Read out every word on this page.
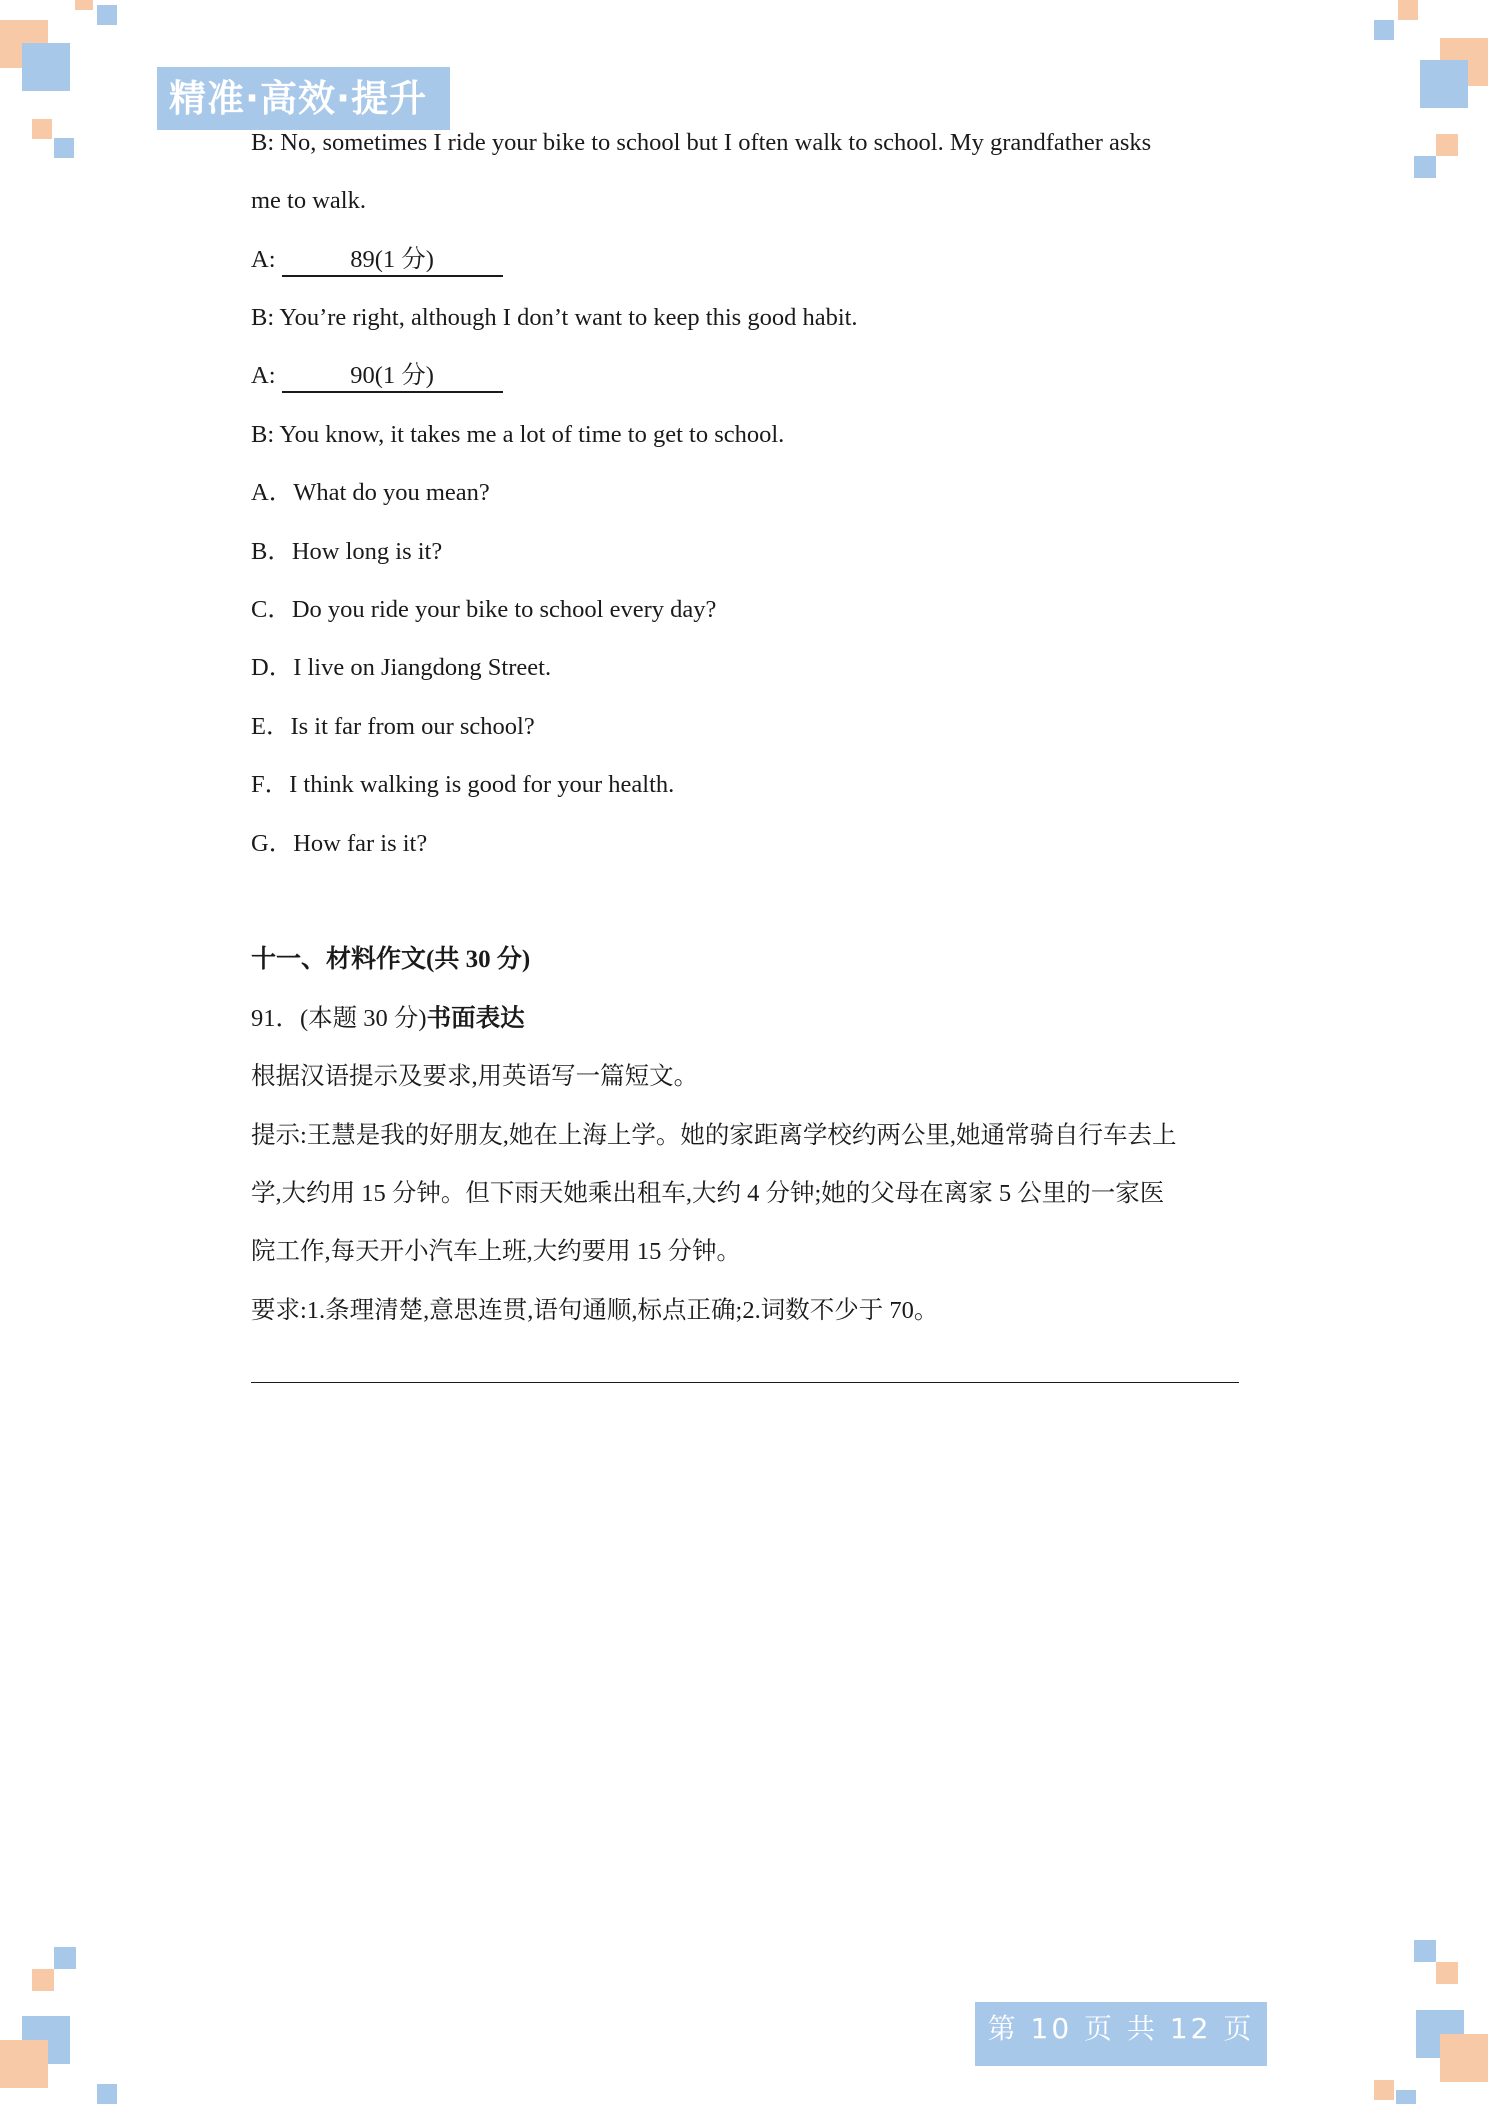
精准·高效·提升
B: No, sometimes I ride your bike to school but I often walk to school. My grandfather asks
me to walk.
A:	89(1 分)
B: You’re right, although I don’t want to keep this good habit.
A:	90(1 分)
B: You know, it takes me a lot of time to get to school.
A．What do you mean?
B．How long is it?
C．Do you ride your bike to school every day?
D．I live on Jiangdong Street.
E．Is it far from our school?
F．I think walking is good for your health.
G．How far is it?
十一、材料作文(共 30 分)
91．(本题 30 分)书面表达
根据汉语提示及要求,用英语写一篇短文。
提示:王慧是我的好朋友,她在上海上学。她的家距离学校约两公里,她通常骑自行车去上
学,大约用 15 分钟。但下雨天她乘出租车,大约 4 分钟;她的父母在离家 5 公里的一家医
院工作,每天开小汽车上班,大约要用 15 分钟。
要求:1.条理清楚,意思连贯,语句通顺,标点正确;2.词数不少于 70。
第 10 页 共 12 页
